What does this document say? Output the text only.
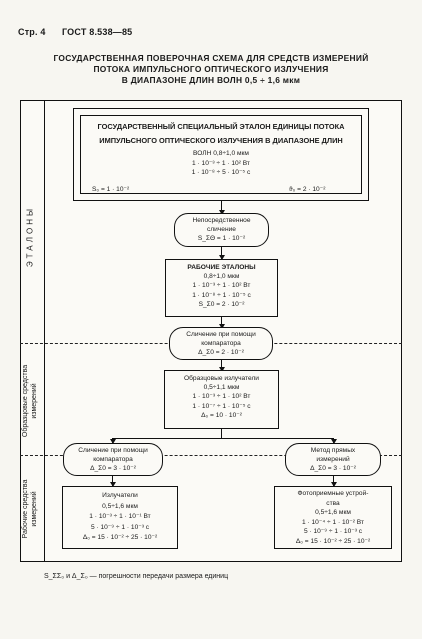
Стр. 4 ГОСТ 8.538—85
ГОСУДАРСТВЕННАЯ ПОВЕРОЧНАЯ СХЕМА ДЛЯ СРЕДСТВ ИЗМЕРЕНИЙ
ПОТОКА ИМПУЛЬСНОГО ОПТИЧЕСКОГО ИЗЛУЧЕНИЯ
В ДИАПАЗОНЕ ДЛИН ВОЛН 0,5 ÷ 1,6 мкм
ЭТАЛОНЫ
Образцовые средства
измерений
Рабочие средства
измерений
ГОСУДАРСТВЕННЫЙ СПЕЦИАЛЬНЫЙ ЭТАЛОН ЕДИНИЦЫ ПОТОКА
ИМПУЛЬСНОГО ОПТИЧЕСКОГО ИЗЛУЧЕНИЯ В ДИАПАЗОНЕ ДЛИН
ВОЛН 0,8÷1,0 мкм
1 · 10⁻³ ÷ 1 · 10² Вт
1 · 10⁻⁸ ÷ 5 · 10⁻⁵ с
S₀ = 1 · 10⁻²	ϑ₀ = 2 · 10⁻²
Непосредственное
сличение
S_ΣΘ = 1 · 10⁻²
РАБОЧИЕ ЭТАЛОНЫ
0,8÷1,0 мкм
1 · 10⁻³ ÷ 1 · 10² Вт
1 · 10⁻⁸ ÷ 1 · 10⁻⁵ с
S_Σ0 = 2 · 10⁻²
Сличение при помощи
компаратора
Δ_Σ0 = 2 · 10⁻²
Образцовые излучатели
0,5÷1,1 мкм
1 · 10⁻³ ÷ 1 · 10² Вт
1 · 10⁻⁷ ÷ 1 · 10⁻⁵ с
Δ₀ = 10 · 10⁻²
Сличение при помощи
компаратора
Δ_Σ0 = 3 · 10⁻²
Метод прямых
измерений
Δ_Σ0 = 3 · 10⁻²
Излучатели
0,5÷1,6 мкм
1 · 10⁻³ ÷ 1 · 10⁻¹ Вт
5 · 10⁻⁹ ÷ 1 · 10⁻³ с
Δ₀ = 15 · 10⁻² ÷ 25 · 10⁻²
Фотоприемные устрой-
ства
0,5÷1,6 мкм
1 · 10⁻⁴ ÷ 1 · 10⁻² Вт
5 · 10⁻⁹ ÷ 1 · 10⁻³ с
Δ₀ = 15 · 10⁻² ÷ 25 · 10⁻²
S_ΣΣ₀ и Δ_Σ₀ — погрешности передачи размера единиц
